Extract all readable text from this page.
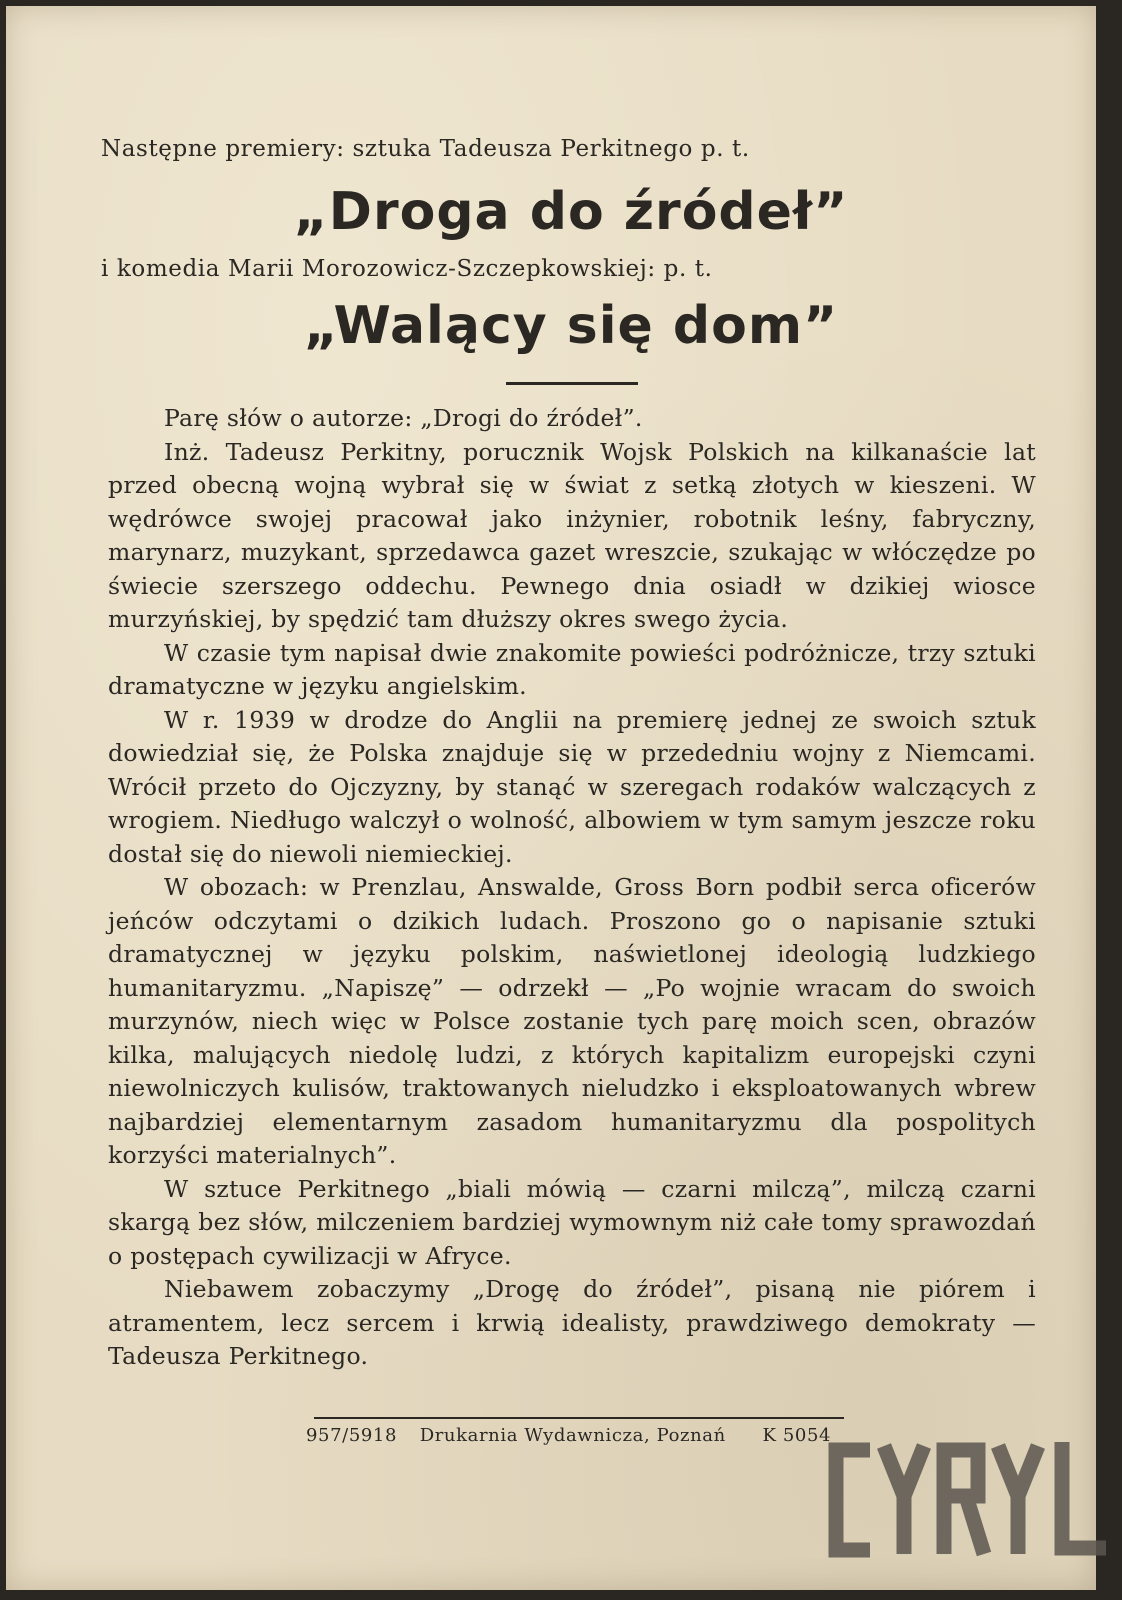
Następne premiery: sztuka Tadeusza Perkitnego p. t.
„Droga do źródeł”
i komedia Marii Morozowicz-Szczepkowskiej: p. t.
„Walący się dom”

Parę słów o autorze: „Drogi do źródeł”.

Inż. Tadeusz Perkitny, porucznik Wojsk Polskich na kilkanaście lat przed obecną wojną wybrał się w świat z setką złotych w kieszeni. W wędrówce swojej pracował jako inżynier, robotnik leśny, fabryczny, marynarz, muzykant, sprzedawca gazet wreszcie, szukając w włóczędze po świecie szerszego oddechu. Pewnego dnia osiadł w dzikiej wiosce murzyńskiej, by spędzić tam dłuższy okres swego życia.

W czasie tym napisał dwie znakomite powieści podróżnicze, trzy sztuki dramatyczne w języku angielskim.

W r. 1939 w drodze do Anglii na premierę jednej ze swoich sztuk dowiedział się, że Polska znajduje się w przededniu wojny z Niemcami. Wrócił przeto do Ojczyzny, by stanąć w szeregach rodaków walczących z wrogiem. Niedługo walczył o wolność, albowiem w tym samym jeszcze roku dostał się do niewoli niemieckiej.

W obozach: w Prenzlau, Answalde, Gross Born podbił serca oficerów jeńców odczytami o dzikich ludach. Proszono go o napisanie sztuki dramatycznej w języku polskim, naświetlonej ideologią ludzkiego humanitaryzmu. „Napiszę” — odrzekł — „Po wojnie wracam do swoich murzynów, niech więc w Polsce zostanie tych parę moich scen, obrazów kilka, malujących niedolę ludzi, z których kapitalizm europejski czyni niewolniczych kulisów, traktowanych nieludzko i eksploatowanych wbrew najbardziej elementarnym zasadom humanitaryzmu dla pospolitych korzyści materialnych”.

W sztuce Perkitnego „biali mówią — czarni milczą”, milczą czarni skargą bez słów, milczeniem bardziej wymownym niż całe tomy sprawozdań o postępach cywilizacji w Afryce.

Niebawem zobaczymy „Drogę do źródeł”, pisaną nie piórem i atramentem, lecz sercem i krwią idealisty, prawdziwego demokraty — Tadeusza Perkitnego.

957/5918 Drukarnia Wydawnicza, Poznań K 5054
